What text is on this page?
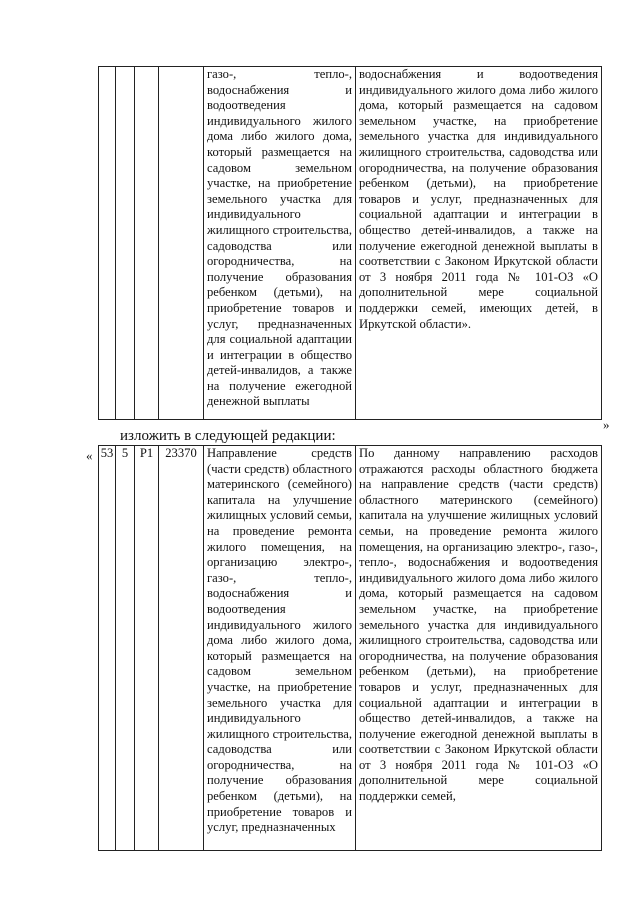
				газо-, тепло-, водоснабжения и водоотведения индивидуального жилого дома либо жилого дома, который размещается на садовом земельном участке, на приобретение земельного участка для индивидуального жилищного строительства, садоводства или огородничества, на получение образования ребенком (детьми), на приобретение товаров и услуг, предназначенных для социальной адаптации и интеграции в общество детей-инвалидов, а также на получение ежегодной денежной выплаты	водоснабжения и водоотведения индивидуального жилого дома либо жилого дома, который размещается на садовом земельном участке, на приобретение земельного участка для индивидуального жилищного строительства, садоводства или огородничества, на получение образования ребенком (детьми), на приобретение товаров и услуг, предназначенных для социальной адаптации и интеграции в общество детей-инвалидов, а также на получение ежегодной денежной выплаты в соответствии с Законом Иркутской области от 3 ноября 2011 года № 101-ОЗ «О дополнительной мере социальной поддержки семей, имеющих детей, в Иркутской области».
»
изложить в следующей редакции:
« 53	5	P1	23370	Направление средств (части средств) областного материнского (семейного) капитала на улучшение жилищных условий семьи, на проведение ремонта жилого помещения, на организацию электро-, газо-, тепло-, водоснабжения и водоотведения индивидуального жилого дома либо жилого дома, который размещается на садовом земельном участке, на приобретение земельного участка для индивидуального жилищного строительства, садоводства или огородничества, на получение образования ребенком (детьми), на приобретение товаров и услуг, предназначенных	По данному направлению расходов отражаются расходы областного бюджета на направление средств (части средств) областного материнского (семейного) капитала на улучшение жилищных условий семьи, на проведение ремонта жилого помещения, на организацию электро-, газо-, тепло-, водоснабжения и водоотведения индивидуального жилого дома либо жилого дома, который размещается на садовом земельном участке, на приобретение земельного участка для индивидуального жилищного строительства, садоводства или огородничества, на получение образования ребенком (детьми), на приобретение товаров и услуг, предназначенных для социальной адаптации и интеграции в общество детей-инвалидов, а также на получение ежегодной денежной выплаты в соответствии с Законом Иркутской области от 3 ноября 2011 года № 101-ОЗ «О дополнительной мере социальной поддержки семей,
